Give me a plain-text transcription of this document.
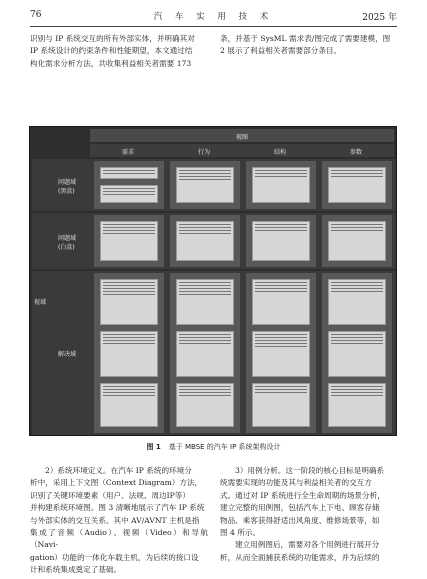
76	汽 车 实 用 技 术	2025 年

识别与 IP 系统交互的所有外部实体，并明确其对

IP 系统设计的约束条件和性能期望，本文通过结

构化需求分析方法，共收集利益相关者需要 173

条，并基于 SysML 需求表/图完成了需要建模，图

2 展示了利益相关者需要部分条目。

视图
需求	行为	结构	参数
视域
问题域
(黑盒)
问题域
(白盒)
解决域
图 1 基于 MBSE 的汽车 IP 系统架构设计

2）系统环境定义。在汽车 IP 系统的环境分

析中，采用上下文图（Context Diagram）方法，

识别了关键环境要素（用户、法规、周边IP等）

并构建系统环境图。图 3 清晰地展示了汽车 IP 系统

与外部实体的交互关系。其中 AV/AVNT 主机是指

集成了音频（Audio）、视频（Video）和导航（Navi-

gation）功能的一体化车载主机，为后续的接口设

计和系统集成奠定了基础。

3）用例分析。这一阶段的核心目标是明确系

统需要实现的功能及其与利益相关者的交互方

式。通过对 IP 系统进行全生命周期的场景分析，

建立完整的用例图，包括汽车上下电、顾客存储

物品、乘客获得舒适出风角度、维修场景等，如

图 4 所示。

建立用例图后，需要对各个用例进行展开分

析，从而全面捕获系统的功能需求，并为后续的
